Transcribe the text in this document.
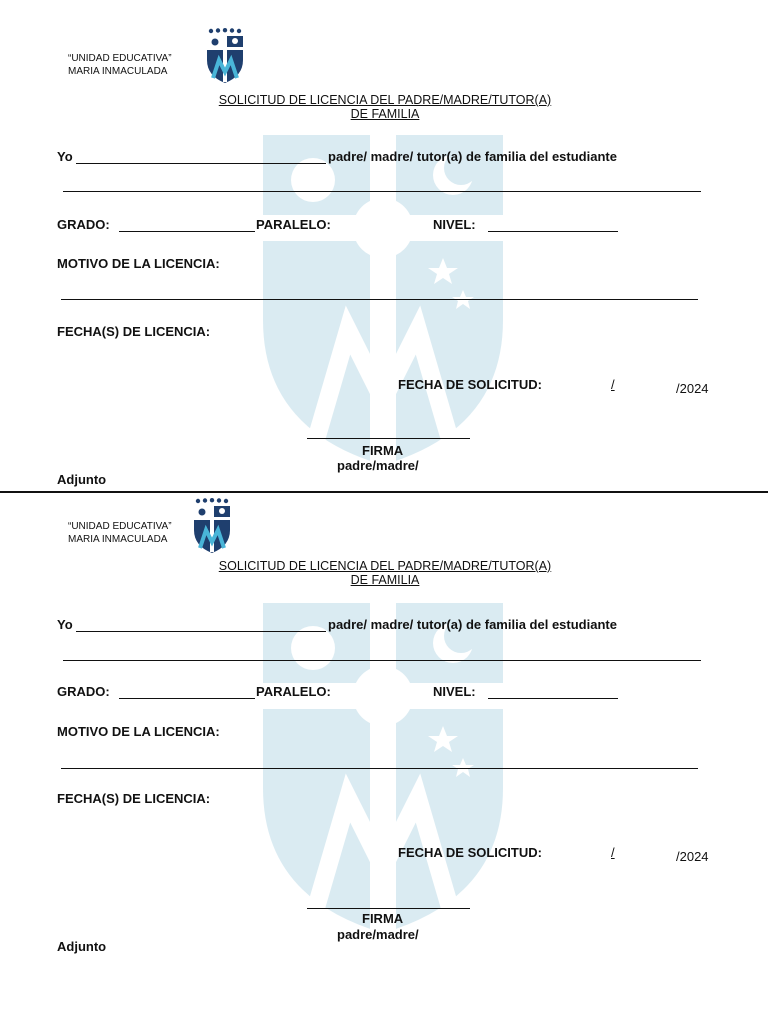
“UNIDAD EDUCATIVA”
MARIA INMACULADA
SOLICITUD DE LICENCIA DEL PADRE/MADRE/TUTOR(A)
DE FAMILIA
Yo	padre/ madre/ tutor(a) de familia del estudiante
GRADO:	PARALELO:	NIVEL:
MOTIVO DE LA LICENCIA:
FECHA(S) DE LICENCIA:
FECHA DE SOLICITUD:	/	/2024
FIRMA
padre/madre/
Adjunto
“UNIDAD EDUCATIVA”
MARIA INMACULADA
SOLICITUD DE LICENCIA DEL PADRE/MADRE/TUTOR(A)
DE FAMILIA
Yo	padre/ madre/ tutor(a) de familia del estudiante
GRADO:	PARALELO:	NIVEL:
MOTIVO DE LA LICENCIA:
FECHA(S) DE LICENCIA:
FECHA DE SOLICITUD:	/	/2024
FIRMA
padre/madre/
Adjunto
